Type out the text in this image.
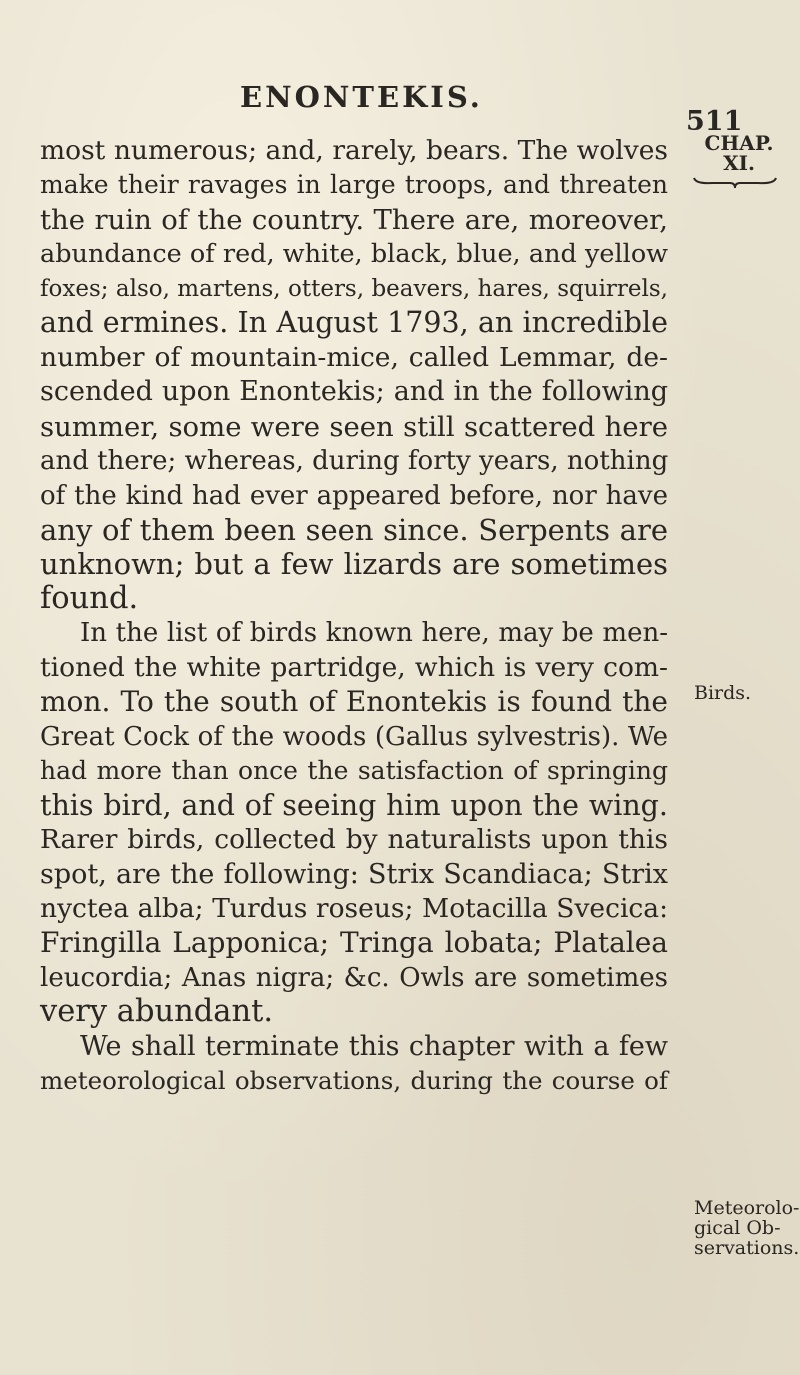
ENONTEKIS.
511
CHAP.
XI.
most numerous; and, rarely, bears. The wolves
make their ravages in large troops, and threaten
the ruin of the country. There are, moreover,
abundance of red, white, black, blue, and yellow
foxes; also, martens, otters, beavers, hares, squirrels,
and ermines. In August 1793, an incredible
number of mountain-mice, called Lemmar, de-
scended upon Enontekis; and in the following
summer, some were seen still scattered here
and there; whereas, during forty years, nothing
of the kind had ever appeared before, nor have
any of them been seen since. Serpents are
unknown; but a few lizards are sometimes
found.
In the list of birds known here, may be men-
tioned the white partridge, which is very com-
mon. To the south of Enontekis is found the
Great Cock of the woods (Gallus sylvestris). We
had more than once the satisfaction of springing
this bird, and of seeing him upon the wing.
Rarer birds, collected by naturalists upon this
spot, are the following: Strix Scandiaca; Strix
nyctea alba; Turdus roseus; Motacilla Svecica:
Fringilla Lapponica; Tringa lobata; Platalea
leucordia; Anas nigra; &c. Owls are sometimes
very abundant.
We shall terminate this chapter with a few
meteorological observations, during the course of
Birds.
Meteorolo-
gical Ob-
servations.
